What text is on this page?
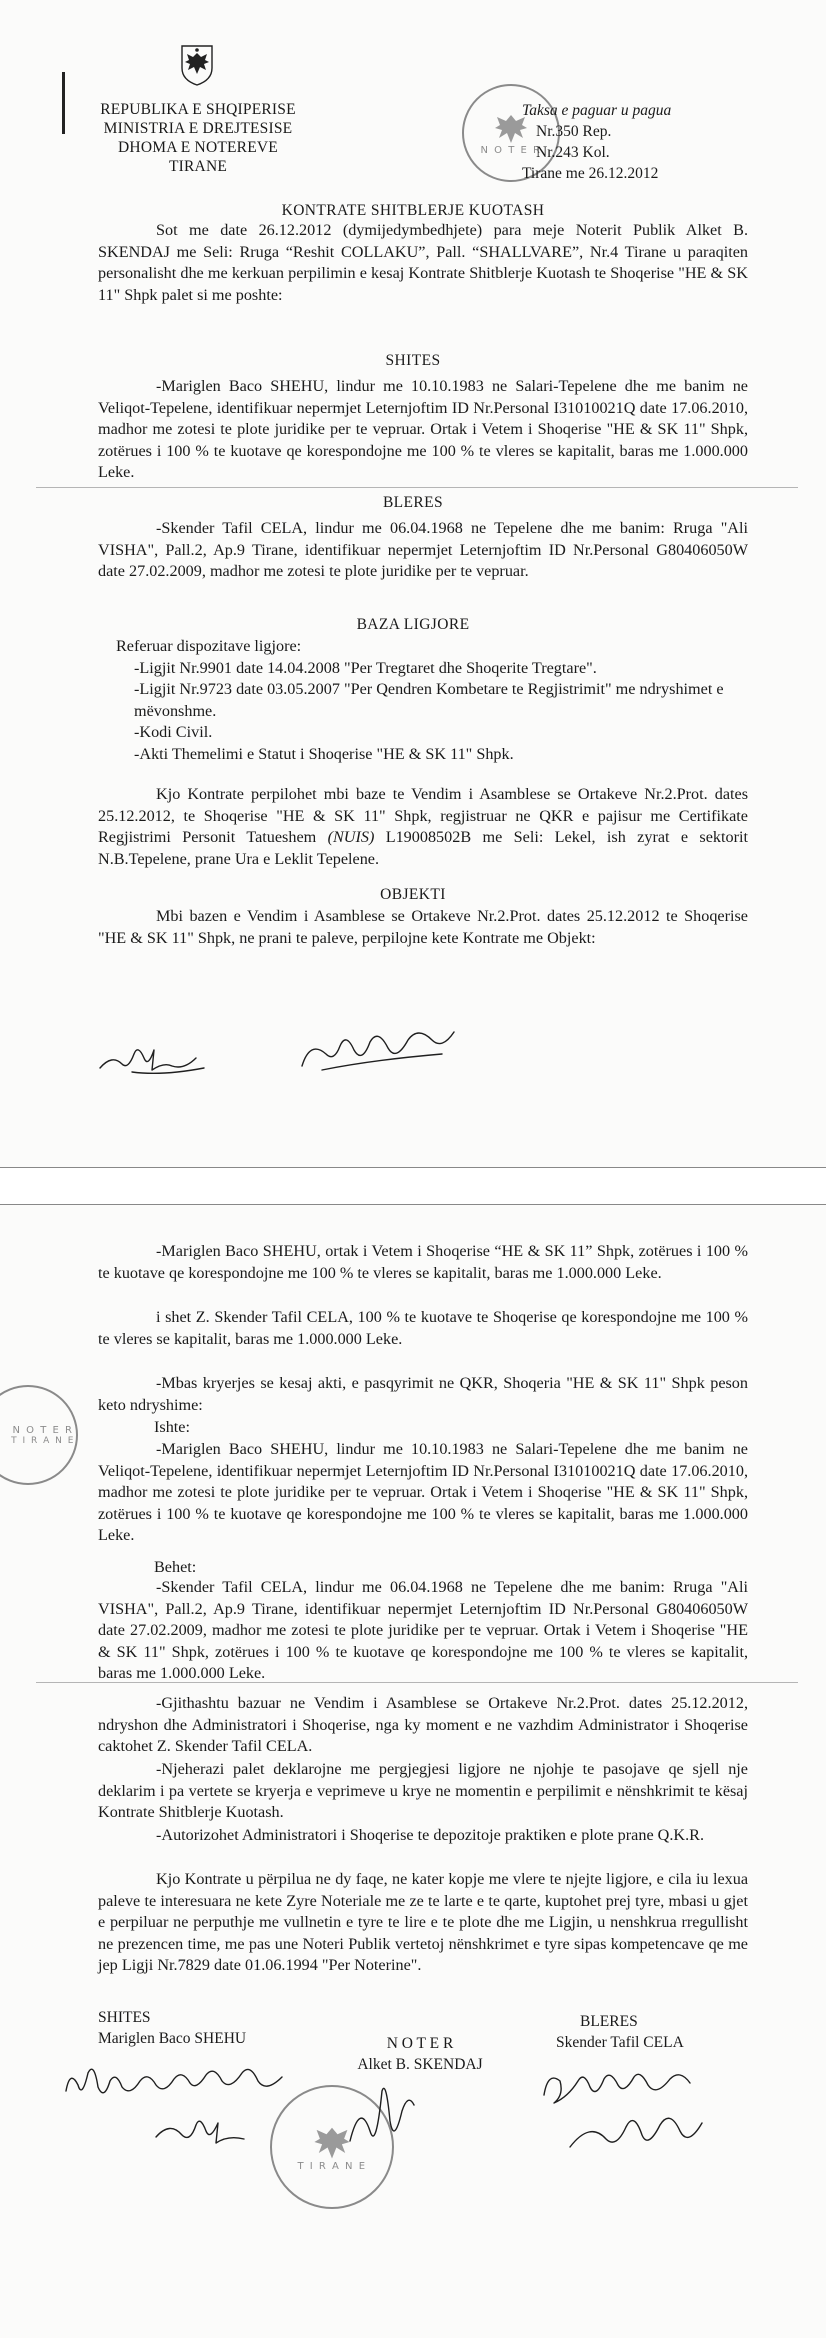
REPUBLIKA E SHQIPERISE
MINISTRIA E DREJTESISE
DHOMA E NOTEREVE
TIRANE
N O T E R
Taksa e paguar u pagua
Nr.350 Rep.
Nr.243 Kol.
Tirane me 26.12.2012
KONTRATE SHITBLERJE KUOTASH
Sot me date 26.12.2012 (dymijedymbedhjete) para meje Noterit Publik Alket B. SKENDAJ me Seli: Rruga “Reshit COLLAKU”, Pall. “SHALLVARE”, Nr.4 Tirane u paraqiten personalisht dhe me kerkuan perpilimin e kesaj Kontrate Shitblerje Kuotash te Shoqerise "HE & SK 11" Shpk palet si me poshte:
SHITES
-Mariglen Baco SHEHU, lindur me 10.10.1983 ne Salari-Tepelene dhe me banim ne Veliqot-Tepelene, identifikuar nepermjet Leternjoftim ID Nr.Personal I31010021Q date 17.06.2010, madhor me zotesi te plote juridike per te vepruar. Ortak i Vetem i Shoqerise "HE & SK 11" Shpk, zotërues i 100 % te kuotave qe korespondojne me 100 % te vleres se kapitalit, baras me 1.000.000 Leke.
BLERES
-Skender Tafil CELA, lindur me 06.04.1968 ne Tepelene dhe me banim: Rruga "Ali VISHA", Pall.2, Ap.9 Tirane, identifikuar nepermjet Leternjoftim ID Nr.Personal G80406050W date 27.02.2009, madhor me zotesi te plote juridike per te vepruar.
BAZA LIGJORE
Referuar dispozitave ligjore:
-Ligjit Nr.9901 date 14.04.2008 "Per Tregtaret dhe Shoqerite Tregtare".
-Ligjit Nr.9723 date 03.05.2007 "Per Qendren Kombetare te Regjistrimit" me ndryshimet e mëvonshme.
-Kodi Civil.
-Akti Themelimi e Statut i Shoqerise "HE & SK 11" Shpk.
Kjo Kontrate perpilohet mbi baze te Vendim i Asamblese se Ortakeve Nr.2.Prot. dates 25.12.2012, te Shoqerise "HE & SK 11" Shpk, regjistruar ne QKR e pajisur me Certifikate Regjistrimi Personit Tatueshem (NUIS) L19008502B me Seli: Lekel, ish zyrat e sektorit N.B.Tepelene, prane Ura e Leklit Tepelene.
OBJEKTI
Mbi bazen e Vendim i Asamblese se Ortakeve Nr.2.Prot. dates 25.12.2012 te Shoqerise "HE & SK 11" Shpk, ne prani te paleve, perpilojne kete Kontrate me Objekt:
-Mariglen Baco SHEHU, ortak i Vetem i Shoqerise “HE & SK 11” Shpk, zotërues i 100 % te kuotave qe korespondojne me 100 % te vleres se kapitalit, baras me 1.000.000 Leke.
i shet Z. Skender Tafil CELA, 100 % te kuotave te Shoqerise qe korespondojne me 100 % te vleres se kapitalit, baras me 1.000.000 Leke.
N O T E R
T I R A N E
-Mbas kryerjes se kesaj akti, e pasqyrimit ne QKR, Shoqeria "HE & SK 11" Shpk peson keto ndryshime:
Ishte:
-Mariglen Baco SHEHU, lindur me 10.10.1983 ne Salari-Tepelene dhe me banim ne Veliqot-Tepelene, identifikuar nepermjet Leternjoftim ID Nr.Personal I31010021Q date 17.06.2010, madhor me zotesi te plote juridike per te vepruar. Ortak i Vetem i Shoqerise "HE & SK 11" Shpk, zotërues i 100 % te kuotave qe korespondojne me 100 % te vleres se kapitalit, baras me 1.000.000 Leke.
Behet:
-Skender Tafil CELA, lindur me 06.04.1968 ne Tepelene dhe me banim: Rruga "Ali VISHA", Pall.2, Ap.9 Tirane, identifikuar nepermjet Leternjoftim ID Nr.Personal G80406050W date 27.02.2009, madhor me zotesi te plote juridike per te vepruar. Ortak i Vetem i Shoqerise "HE & SK 11" Shpk, zotërues i 100 % te kuotave qe korespondojne me 100 % te vleres se kapitalit, baras me 1.000.000 Leke.
-Gjithashtu bazuar ne Vendim i Asamblese se Ortakeve Nr.2.Prot. dates 25.12.2012, ndryshon dhe Administratori i Shoqerise, nga ky moment e ne vazhdim Administrator i Shoqerise caktohet Z. Skender Tafil CELA.
-Njeherazi palet deklarojne me pergjegjesi ligjore ne njohje te pasojave qe sjell nje deklarim i pa vertete se kryerja e veprimeve u krye ne momentin e perpilimit e nënshkrimit te kësaj Kontrate Shitblerje Kuotash.
-Autorizohet Administratori i Shoqerise te depozitoje praktiken e plote prane Q.K.R.
Kjo Kontrate u përpilua ne dy faqe, ne kater kopje me vlere te njejte ligjore, e cila iu lexua paleve te interesuara ne kete Zyre Noteriale me ze te larte e te qarte, kuptohet prej tyre, mbasi u gjet e perpiluar ne perputhje me vullnetin e tyre te lire e te plote dhe me Ligjin, u nenshkrua rregullisht ne prezencen time, me pas une Noteri Publik vertetoj nënshkrimet e tyre sipas kompetencave qe me jep Ligji Nr.7829 date 01.06.1994 "Per Noterine".
SHITES
Mariglen Baco SHEHU	N O T E R
Alket B. SKENDAJ
BLERES
Skender Tafil CELA
T I R A N E
